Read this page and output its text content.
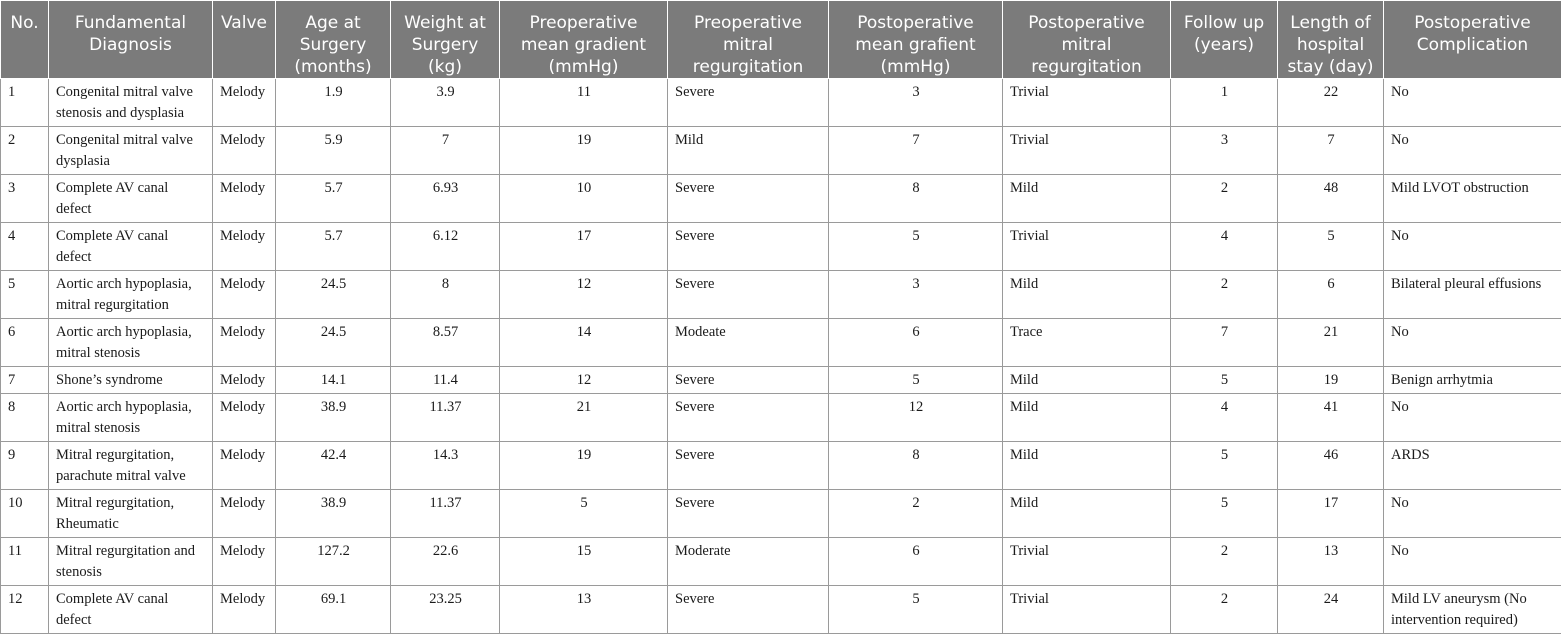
No.	Fundamental Diagnosis	Valve	Age at Surgery (months)	Weight at Surgery (kg)	Preoperative mean gradient (mmHg)	Preoperative mitral regurgitation	Postoperative mean grafient (mmHg)	Postoperative mitral regurgitation	Follow up (years)	Length of hospital stay (day)	Postoperative Complication
1	Congenital mitral valve stenosis and dysplasia	Melody	1.9	3.9	11	Severe	3	Trivial	1	22	No
2	Congenital mitral valve dysplasia	Melody	5.9	7	19	Mild	7	Trivial	3	7	No
3	Complete AV canal defect	Melody	5.7	6.93	10	Severe	8	Mild	2	48	Mild LVOT obstruction
4	Complete AV canal defect	Melody	5.7	6.12	17	Severe	5	Trivial	4	5	No
5	Aortic arch hypoplasia, mitral regurgitation	Melody	24.5	8	12	Severe	3	Mild	2	6	Bilateral pleural effusions
6	Aortic arch hypoplasia, mitral stenosis	Melody	24.5	8.57	14	Modeate	6	Trace	7	21	No
7	Shone’s syndrome	Melody	14.1	11.4	12	Severe	5	Mild	5	19	Benign arrhytmia
8	Aortic arch hypoplasia, mitral stenosis	Melody	38.9	11.37	21	Severe	12	Mild	4	41	No
9	Mitral regurgitation, parachute mitral valve	Melody	42.4	14.3	19	Severe	8	Mild	5	46	ARDS
10	Mitral regurgitation, Rheumatic	Melody	38.9	11.37	5	Severe	2	Mild	5	17	No
11	Mitral regurgitation and stenosis	Melody	127.2	22.6	15	Moderate	6	Trivial	2	13	No
12	Complete AV canal defect	Melody	69.1	23.25	13	Severe	5	Trivial	2	24	Mild LV aneurysm (No intervention required)
